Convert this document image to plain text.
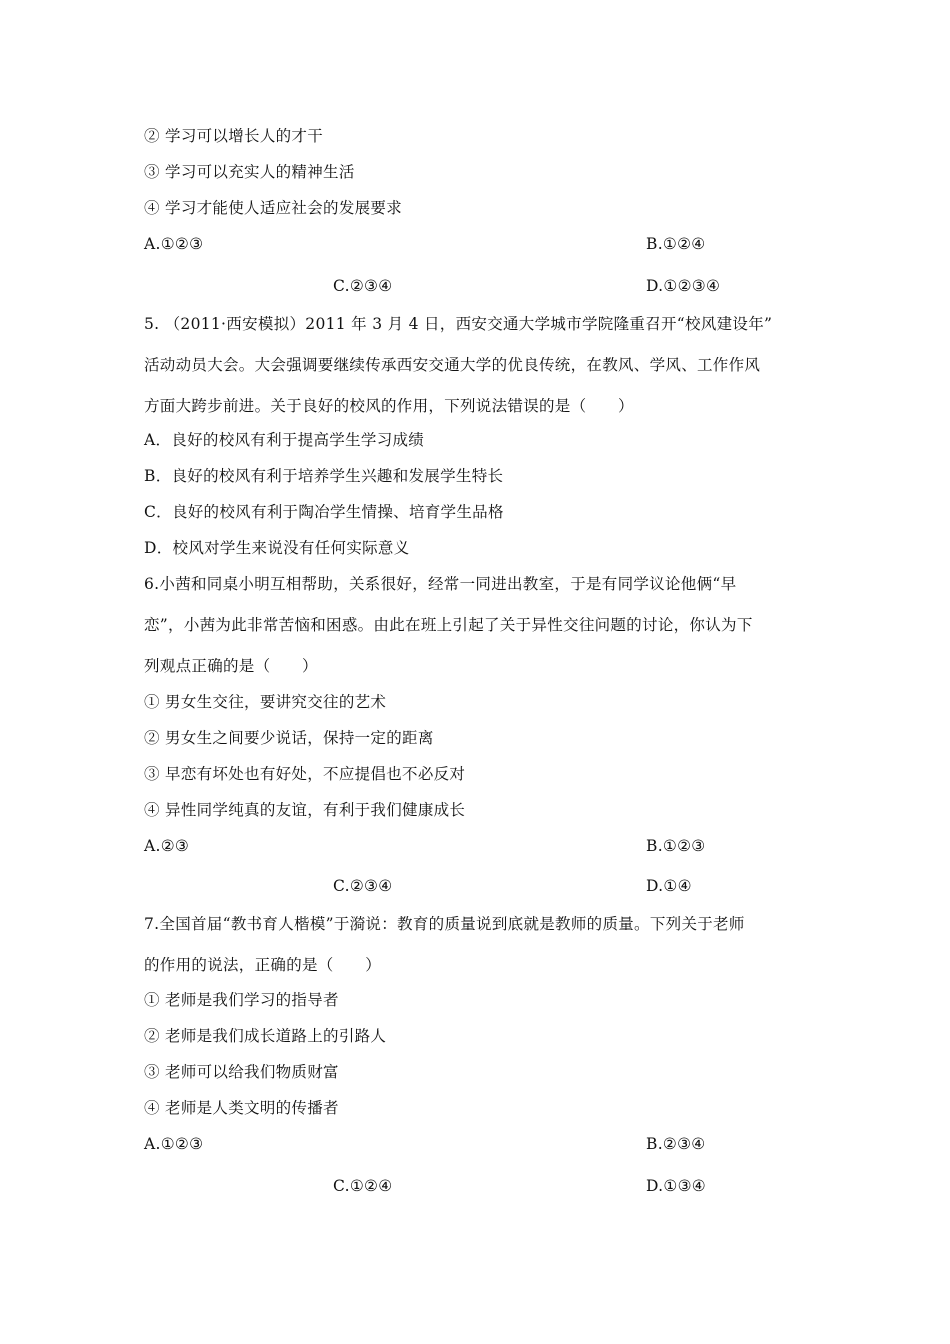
② 学习可以增长人的才干

③ 学习可以充实人的精神生活

④ 学习才能使人适应社会的发展要求

A.①②③	B.①②④

C.②③④	D.①②③④

5. （2011·西安模拟）2011 年 3 月 4 日，西安交通大学城市学院隆重召开“校风建设年”

活动动员大会。大会强调要继续传承西安交通大学的优良传统，在教风、学风、工作作风

方面大跨步前进。关于良好的校风的作用，下列说法错误的是（　　）

A．良好的校风有利于提高学生学习成绩

B．良好的校风有利于培养学生兴趣和发展学生特长

C．良好的校风有利于陶冶学生情操、培育学生品格

D．校风对学生来说没有任何实际意义

6.小茜和同桌小明互相帮助，关系很好，经常一同进出教室，于是有同学议论他俩“早

恋”，小茜为此非常苦恼和困惑。由此在班上引起了关于异性交往问题的讨论，你认为下

列观点正确的是（　　）

① 男女生交往，要讲究交往的艺术

② 男女生之间要少说话，保持一定的距离

③ 早恋有坏处也有好处，不应提倡也不必反对

④ 异性同学纯真的友谊，有利于我们健康成长

A.②③	B.①②③

C.②③④	D.①④

7.全国首届“教书育人楷模”于漪说：教育的质量说到底就是教师的质量。下列关于老师

的作用的说法，正确的是（　　）

① 老师是我们学习的指导者

② 老师是我们成长道路上的引路人

③ 老师可以给我们物质财富

④ 老师是人类文明的传播者

A.①②③	B.②③④

C.①②④	D.①③④
